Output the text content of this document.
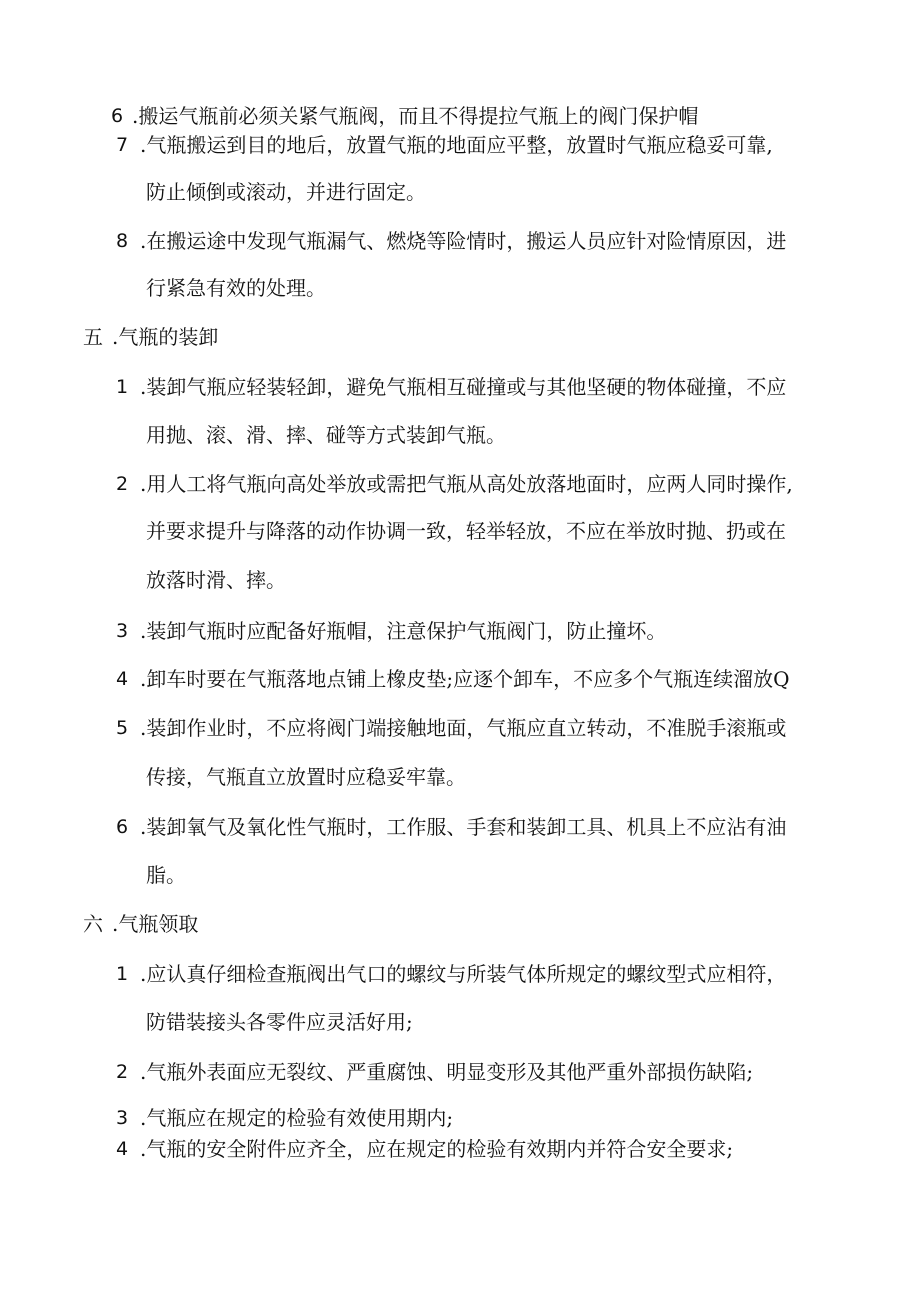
6 .搬运气瓶前必须关紧气瓶阀，而且不得提拉气瓶上的阀门保护帽
7 .气瓶搬运到目的地后，放置气瓶的地面应平整，放置时气瓶应稳妥可靠,
防止倾倒或滚动，并进行固定。
8 .在搬运途中发现气瓶漏气、燃烧等险情时，搬运人员应针对险情原因，进
行紧急有效的处理。
五 .气瓶的装卸
1 .装卸气瓶应轻装轻卸，避免气瓶相互碰撞或与其他坚硬的物体碰撞，不应
用抛、滚、滑、摔、碰等方式装卸气瓶。
2 .用人工将气瓶向高处举放或需把气瓶从高处放落地面时，应两人同时操作,
并要求提升与降落的动作协调一致，轻举轻放，不应在举放时抛、扔或在
放落时滑、摔。
3 .装卸气瓶时应配备好瓶帽，注意保护气瓶阀门，防止撞坏。
4 .卸车时要在气瓶落地点铺上橡皮垫;应逐个卸车，不应多个气瓶连续溜放Q
5 .装卸作业时，不应将阀门端接触地面，气瓶应直立转动，不准脱手滚瓶或
传接，气瓶直立放置时应稳妥牢靠。
6 .装卸氧气及氧化性气瓶时，工作服、手套和装卸工具、机具上不应沾有油
脂。
六 .气瓶领取
1 .应认真仔细检查瓶阀出气口的螺纹与所装气体所规定的螺纹型式应相符，
防错装接头各零件应灵活好用;
2 .气瓶外表面应无裂纹、严重腐蚀、明显变形及其他严重外部损伤缺陷;
3 .气瓶应在规定的检验有效使用期内;
4 .气瓶的安全附件应齐全，应在规定的检验有效期内并符合安全要求;
